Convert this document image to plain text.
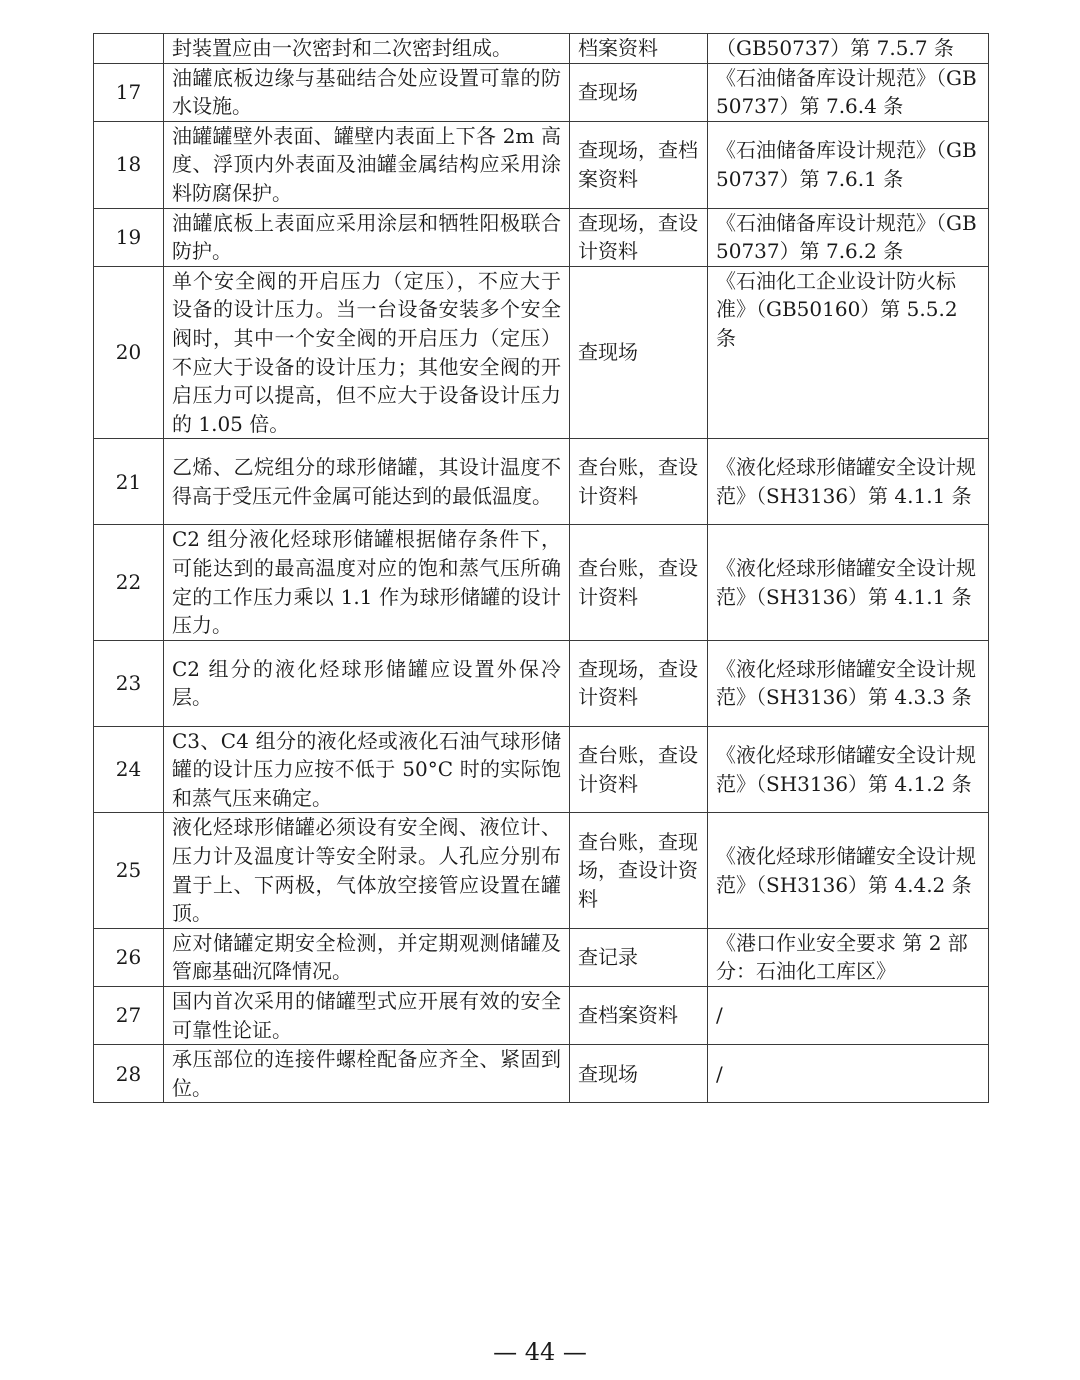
	封装置应由一次密封和二次密封组成。	档案资料	（GB50737）第 7.5.7 条
17	油罐底板边缘与基础结合处应设置可靠的防水设施。	查现场	《石油储备库设计规范》（GB50737）第 7.6.4 条
18	油罐罐壁外表面、罐壁内表面上下各 2m 高度、浮顶内外表面及油罐金属结构应采用涂料防腐保护。	查现场，查档案资料	《石油储备库设计规范》（GB50737）第 7.6.1 条
19	油罐底板上表面应采用涂层和牺牲阳极联合防护。	查现场，查设计资料	《石油储备库设计规范》（GB50737）第 7.6.2 条
20	单个安全阀的开启压力（定压），不应大于设备的设计压力。当一台设备安装多个安全阀时，其中一个安全阀的开启压力（定压）不应大于设备的设计压力；其他安全阀的开启压力可以提高，但不应大于设备设计压力的 1.05 倍。	查现场	《石油化工企业设计防火标准》（GB50160）第 5.5.2 条
21	乙烯、乙烷组分的球形储罐，其设计温度不得高于受压元件金属可能达到的最低温度。	查台账，查设计资料	《液化烃球形储罐安全设计规范》（SH3136）第 4.1.1 条
22	C2 组分液化烃球形储罐根据储存条件下，可能达到的最高温度对应的饱和蒸气压所确定的工作压力乘以 1.1 作为球形储罐的设计压力。	查台账，查设计资料	《液化烃球形储罐安全设计规范》（SH3136）第 4.1.1 条
23	C2 组分的液化烃球形储罐应设置外保冷层。	查现场，查设计资料	《液化烃球形储罐安全设计规范》（SH3136）第 4.3.3 条
24	C3、C4 组分的液化烃或液化石油气球形储罐的设计压力应按不低于 50°C 时的实际饱和蒸气压来确定。	查台账，查设计资料	《液化烃球形储罐安全设计规范》（SH3136）第 4.1.2 条
25	液化烃球形储罐必须设有安全阀、液位计、压力计及温度计等安全附录。人孔应分别布置于上、下两极，气体放空接管应设置在罐顶。	查台账，查现场，查设计资料	《液化烃球形储罐安全设计规范》（SH3136）第 4.4.2 条
26	应对储罐定期安全检测，并定期观测储罐及管廊基础沉降情况。	查记录	《港口作业安全要求 第 2 部分：石油化工库区》
27	国内首次采用的储罐型式应开展有效的安全可靠性论证。	查档案资料	/
28	承压部位的连接件螺栓配备应齐全、紧固到位。	查现场	/
— 44 —
